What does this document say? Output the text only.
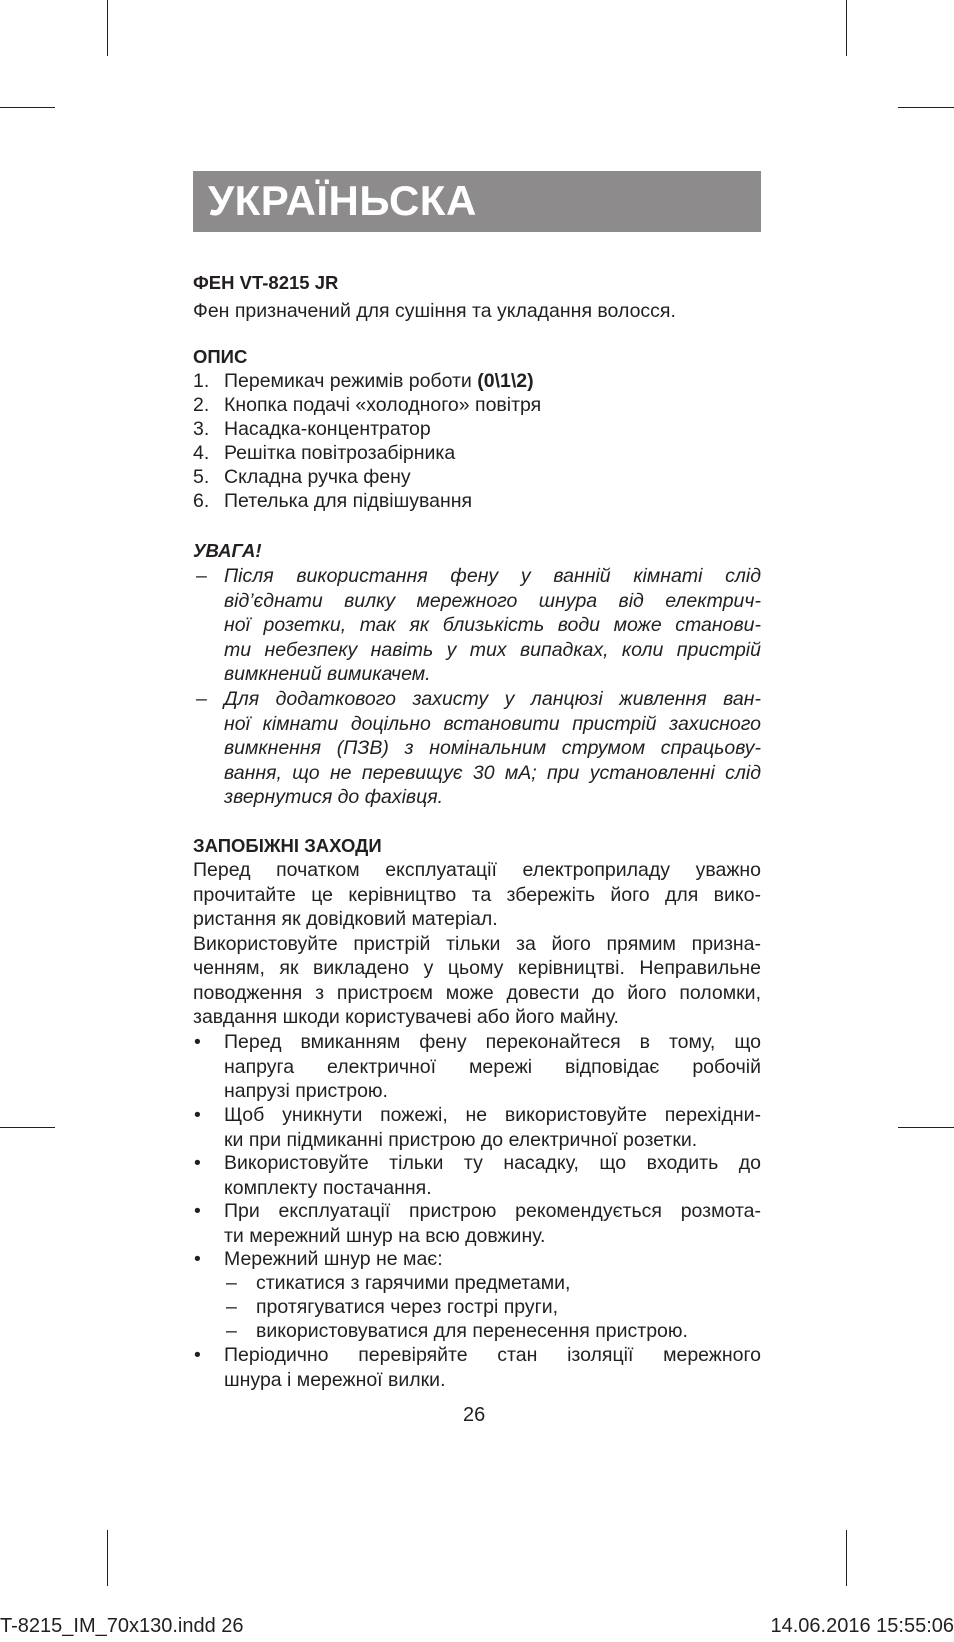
УКРАЇНЬСКА
ФЕН VT-8215 JR
Фен призначений для сушіння та укладання волосся.
ОПИС
1. Перемикач режимів роботи (0\1\2)
2. Кнопка подачі «холодного» повітря
3. Насадка-концентратор
4. Решітка повітрозабірника
5. Складна ручка фену
6. Петелька для підвішування
УВАГА!
– Після використання фену у ванній кімнаті слід
від’єднати вилку мережного шнура від електрич-
ної розетки, так як близькість води може станови-
ти небезпеку навіть у тих випадках, коли пристрій
вимкнений вимикачем.
– Для додаткового захисту у ланцюзі живлення ван-
ної кімнати доцільно встановити пристрій захисного
вимкнення (ПЗВ) з номінальним струмом спрацьову-
вання, що не перевищує 30 мА; при установленні слід
звернутися до фахівця.
ЗАПОБІЖНІ ЗАХОДИ
Перед початком експлуатації електроприладу уважно
прочитайте це керівництво та збережіть його для вико-
ристання як довідковий матеріал.
Використовуйте пристрій тільки за його прямим призна-
ченням, як викладено у цьому керівництві. Неправильне
поводження з пристроєм може довести до його поломки,
завдання шкоди користувачеві або його майну.
• Перед вмиканням фену переконайтеся в тому, що
напруга електричної мережі відповідає робочій
напрузі пристрою.
• Щоб уникнути пожежі, не використовуйте перехідни-
ки при підмиканні пристрою до електричної розетки.
• Використовуйте тільки ту насадку, що входить до
комплекту постачання.
• При експлуатації пристрою рекомендується розмота-
ти мережний шнур на всю довжину.
• Мережний шнур не має:
– стикатися з гарячими предметами,
– протягуватися через гострі пруги,
– використовуватися для перенесення пристрою.
• Періодично перевіряйте стан ізоляції мережного
шнура і мережної вилки.
26
T-8215_IM_70x130.indd 26	14.06.2016 15:55:06
